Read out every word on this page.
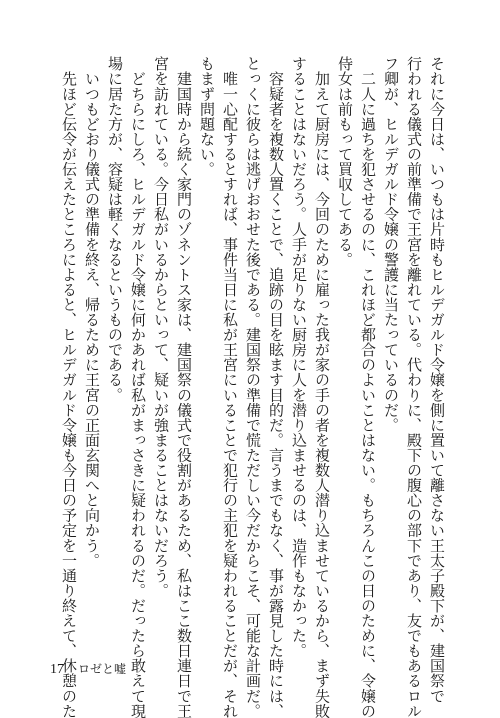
それに今日は、いつもは片時もヒルデガルド令嬢を側に置いて離さない王太子殿下が、建国祭で
行われる儀式の前準備で王宮を離れている。代わりに、殿下の腹心の部下であり、友でもあるロル
フ卿が、ヒルデガルド令嬢の警護に当たっているのだ。
　二人に過ちを犯させるのに、これほど都合のよいことはない。もちろんこの日のために、令嬢の
侍女は前もって買収してある。
　加えて厨房には、今回のために雇った我が家の手の者を複数人潜り込ませているから、まず失敗
することはないだろう。人手が足りない厨房に人を潜り込ませるのは、造作もなかった。
　容疑者を複数人置くことで、追跡の目を眩ます目的だ。言うまでもなく、事が露見した時には、
とっくに彼らは逃げおおせた後である。建国祭の準備で慌ただしい今だからこそ、可能な計画だ。
　唯一心配するとすれば、事件当日に私が王宮にいることで犯行の主犯を疑われることだが、それ
もまず問題ない。
　建国時から続く家門のゾネントス家は、建国祭の儀式で役割があるため、私はここ数日連日で王
宮を訪れている。今日私がいるからといって、疑いが強まることはないだろう。
　どちらにしろ、ヒルデガルド令嬢に何かあれば私がまっさきに疑われるのだ。だったら敢えて現
場に居た方が、容疑は軽くなるというものである。
　いつもどおり儀式の準備を終え、帰るために王宮の正面玄関へと向かう。
　先ほど伝令が伝えたところによると、ヒルデガルド令嬢も今日の予定を一通り終えて、休憩のた
17 ロゼと嘘
